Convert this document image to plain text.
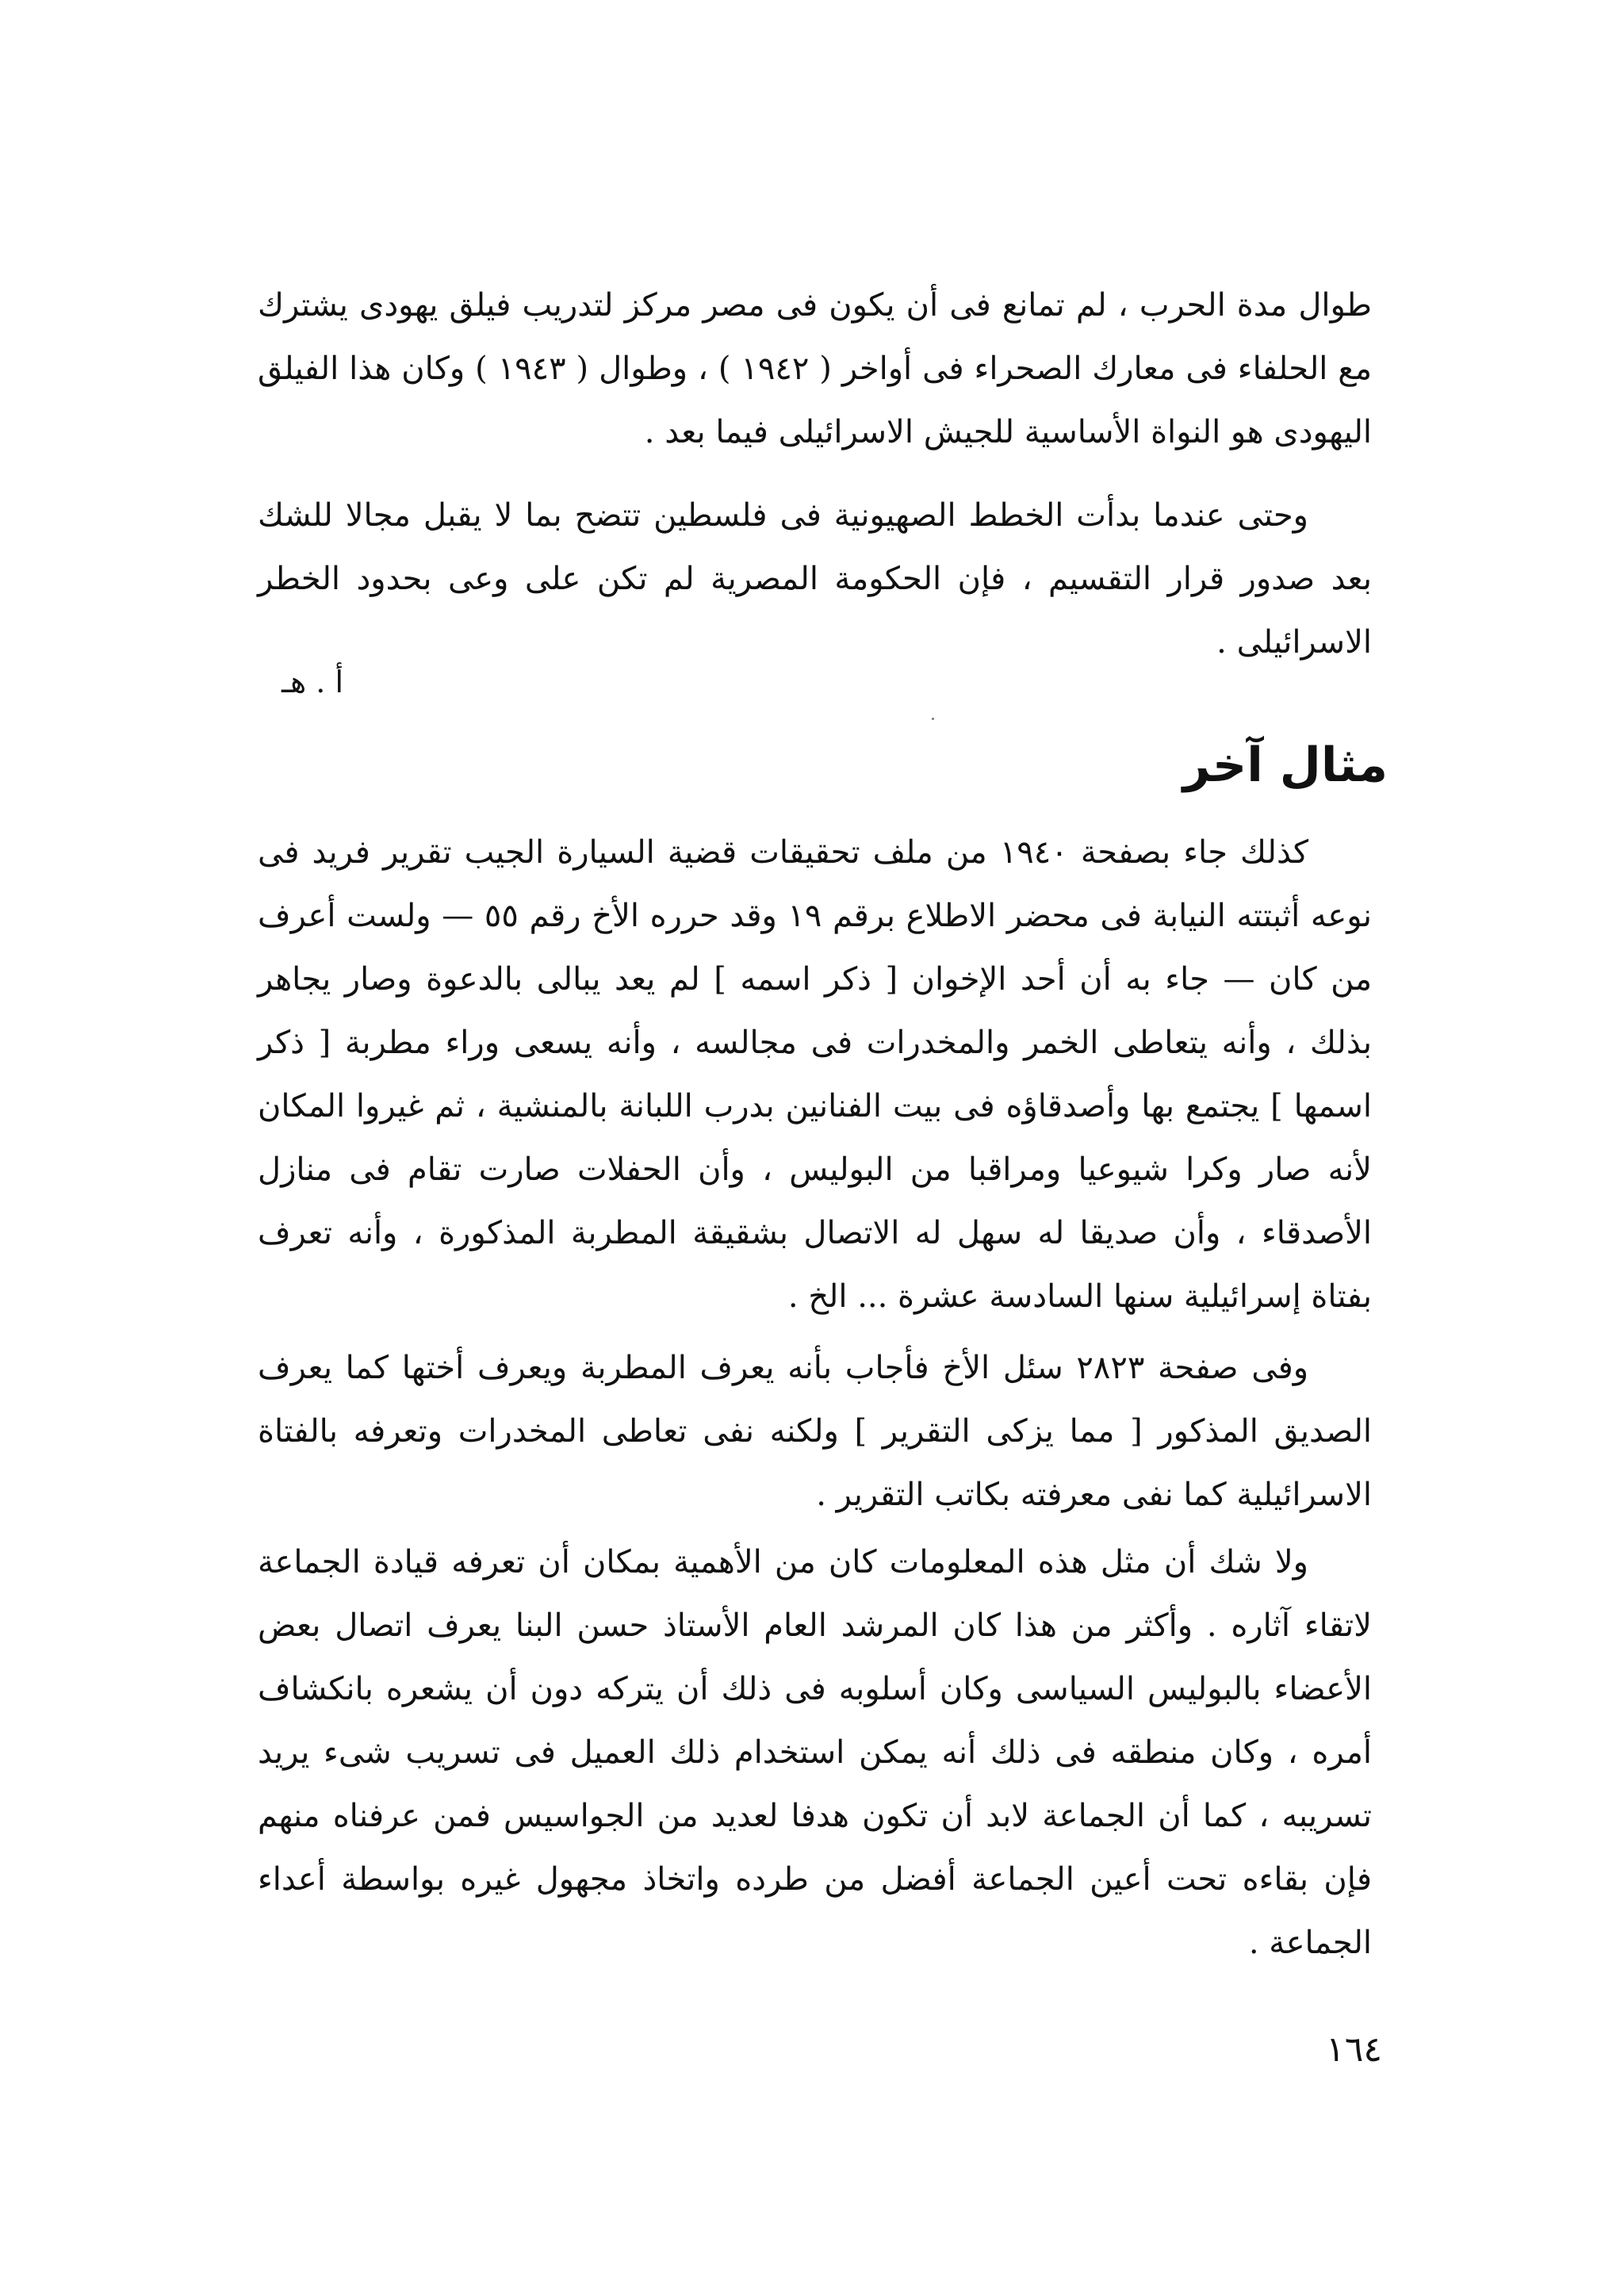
طوال مدة الحرب ، لم تمانع فى أن يكون فى مصر مركز لتدريب فيلق يهودى يشترك مع الحلفاء فى معارك الصحراء فى أواخر ( ١٩٤٢ ) ، وطوال ( ١٩٤٣ ) وكان هذا الفيلق اليهودى هو النواة الأساسية للجيش الاسرائيلى فيما بعد .

وحتى عندما بدأت الخطط الصهيونية فى فلسطين تتضح بما لا يقبل مجالا للشك بعد صدور قرار التقسيم ، فإن الحكومة المصرية لم تكن على وعى بحدود الخطر الاسرائيلى .

أ . هـ
مثال آخر

كذلك جاء بصفحة ١٩٤٠ من ملف تحقيقات قضية السيارة الجيب تقرير فريد فى نوعه أثبتته النيابة فى محضر الاطلاع برقم ١٩ وقد حرره الأخ رقم ٥٥ — ولست أعرف من كان — جاء به أن أحد الإخوان [ ذكر اسمه ] لم يعد يبالى بالدعوة وصار يجاهر بذلك ، وأنه يتعاطى الخمر والمخدرات فى مجالسه ، وأنه يسعى وراء مطربة [ ذكر اسمها ] يجتمع بها وأصدقاؤه فى بيت الفنانين بدرب اللبانة بالمنشية ، ثم غيروا المكان لأنه صار وكرا شيوعيا ومراقبا من البوليس ، وأن الحفلات صارت تقام فى منازل الأصدقاء ، وأن صديقا له سهل له الاتصال بشقيقة المطربة المذكورة ، وأنه تعرف بفتاة إسرائيلية سنها السادسة عشرة ... الخ .

وفى صفحة ٢٨٢٣ سئل الأخ فأجاب بأنه يعرف المطربة ويعرف أختها كما يعرف الصديق المذكور [ مما يزكى التقرير ] ولكنه نفى تعاطى المخدرات وتعرفه بالفتاة الاسرائيلية كما نفى معرفته بكاتب التقرير .

ولا شك أن مثل هذه المعلومات كان من الأهمية بمكان أن تعرفه قيادة الجماعة لاتقاء آثاره . وأكثر من هذا كان المرشد العام الأستاذ حسن البنا يعرف اتصال بعض الأعضاء بالبوليس السياسى وكان أسلوبه فى ذلك أن يتركه دون أن يشعره بانكشاف أمره ، وكان منطقه فى ذلك أنه يمكن استخدام ذلك العميل فى تسريب شىء يريد تسريبه ، كما أن الجماعة لابد أن تكون هدفا لعديد من الجواسيس فمن عرفناه منهم فإن بقاءه تحت أعين الجماعة أفضل من طرده واتخاذ مجهول غيره بواسطة أعداء الجماعة .

١٦٤
